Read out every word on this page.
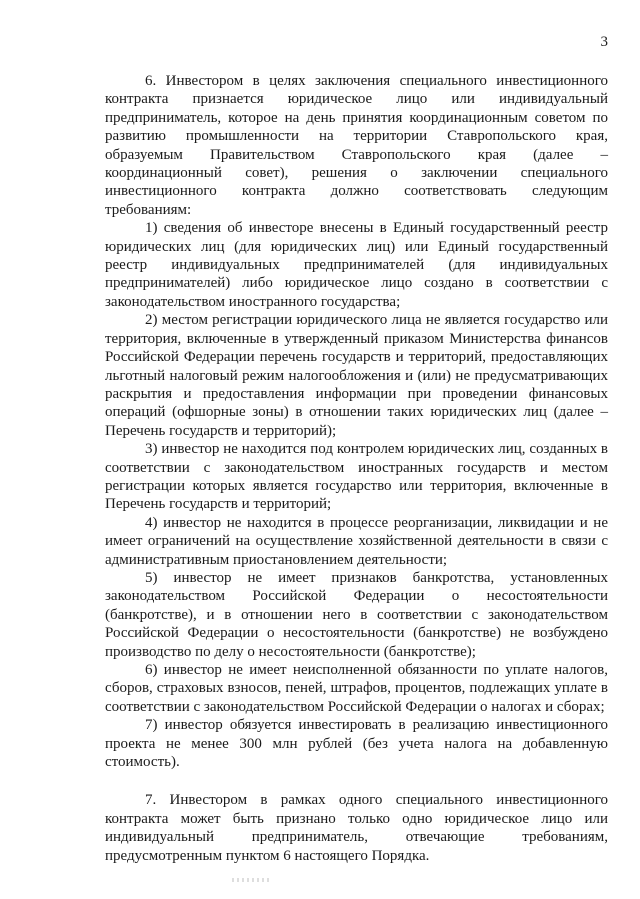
3

6. Инвестором в целях заключения специального инвестиционного контракта признается юридическое лицо или индивидуальный предприниматель, которое на день принятия координационным советом по развитию промышленности на территории Ставропольского края, образуемым Правительством Ставропольского края (далее – координационный совет), решения о заключении специального инвестиционного контракта должно соответствовать следующим требованиям:

1) сведения об инвесторе внесены в Единый государственный реестр юридических лиц (для юридических лиц) или Единый государственный реестр индивидуальных предпринимателей (для индивидуальных предпринимателей) либо юридическое лицо создано в соответствии с законодательством иностранного государства;

2) местом регистрации юридического лица не является государство или территория, включенные в утвержденный приказом Министерства финансов Российской Федерации перечень государств и территорий, предоставляющих льготный налоговый режим налогообложения и (или) не предусматривающих раскрытия и предоставления информации при проведении финансовых операций (офшорные зоны) в отношении таких юридических лиц (далее – Перечень государств и территорий);

3) инвестор не находится под контролем юридических лиц, созданных в соответствии с законодательством иностранных государств и местом регистрации которых является государство или территория, включенные в Перечень государств и территорий;

4) инвестор не находится в процессе реорганизации, ликвидации и не имеет ограничений на осуществление хозяйственной деятельности в связи с административным приостановлением деятельности;

5) инвестор не имеет признаков банкротства, установленных законодательством Российской Федерации о несостоятельности (банкротстве), и в отношении него в соответствии с законодательством Российской Федерации о несостоятельности (банкротстве) не возбуждено производство по делу о несостоятельности (банкротстве);

6) инвестор не имеет неисполненной обязанности по уплате налогов, сборов, страховых взносов, пеней, штрафов, процентов, подлежащих уплате в соответствии с законодательством Российской Федерации о налогах и сборах;

7) инвестор обязуется инвестировать в реализацию инвестиционного проекта не менее 300 млн рублей (без учета налога на добавленную стоимость).

7. Инвестором в рамках одного специального инвестиционного контракта может быть признано только одно юридическое лицо или индивидуальный предприниматель, отвечающие требованиям, предусмотренным пунктом 6 настоящего Порядка.
